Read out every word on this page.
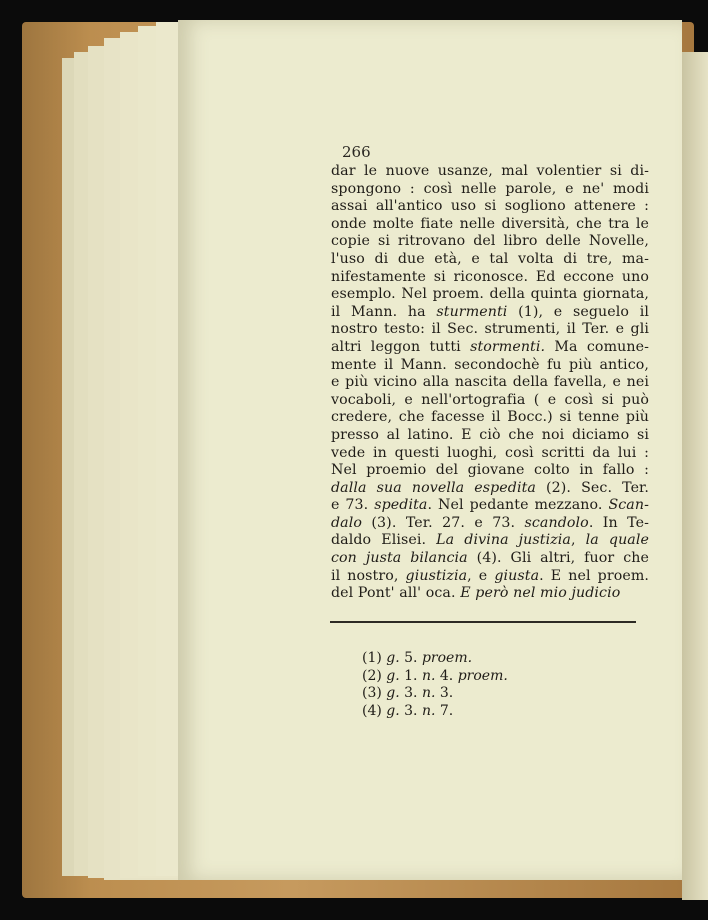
266
dar le nuove usanze, mal volentier si di-
spongono : così nelle parole, e ne' modi
assai all'antico uso si sogliono attenere :
onde molte fiate nelle diversità, che tra le
copie si ritrovano del libro delle Novelle,
l'uso di due età, e tal volta di tre, ma-
nifestamente si riconosce. Ed eccone uno
esemplo. Nel proem. della quinta giornata,
il Mann. ha sturmenti (1), e seguelo il
nostro testo: il Sec. strumenti, il Ter. e gli
altri leggon tutti stormenti. Ma comune-
mente il Mann. secondochè fu più antico,
e più vicino alla nascita della favella, e nei
vocaboli, e nell'ortografia ( e così si può
credere, che facesse il Bocc.) si tenne più
presso al latino. E ciò che noi diciamo si
vede in questi luoghi, così scritti da lui :
Nel proemio del giovane colto in fallo :
dalla sua novella espedita (2). Sec. Ter.
e 73. spedita. Nel pedante mezzano. Scan-
dalo (3). Ter. 27. e 73. scandolo. In Te-
daldo Elisei. La divina justizia, la quale
con justa bilancia (4). Gli altri, fuor che
il nostro, giustizia, e giusta. E nel proem.
del Pont' all' oca. E però nel mio judicio
(1) g. 5. proem.
(2) g. 1. n. 4. proem.
(3) g. 3. n. 3.
(4) g. 3. n. 7.
